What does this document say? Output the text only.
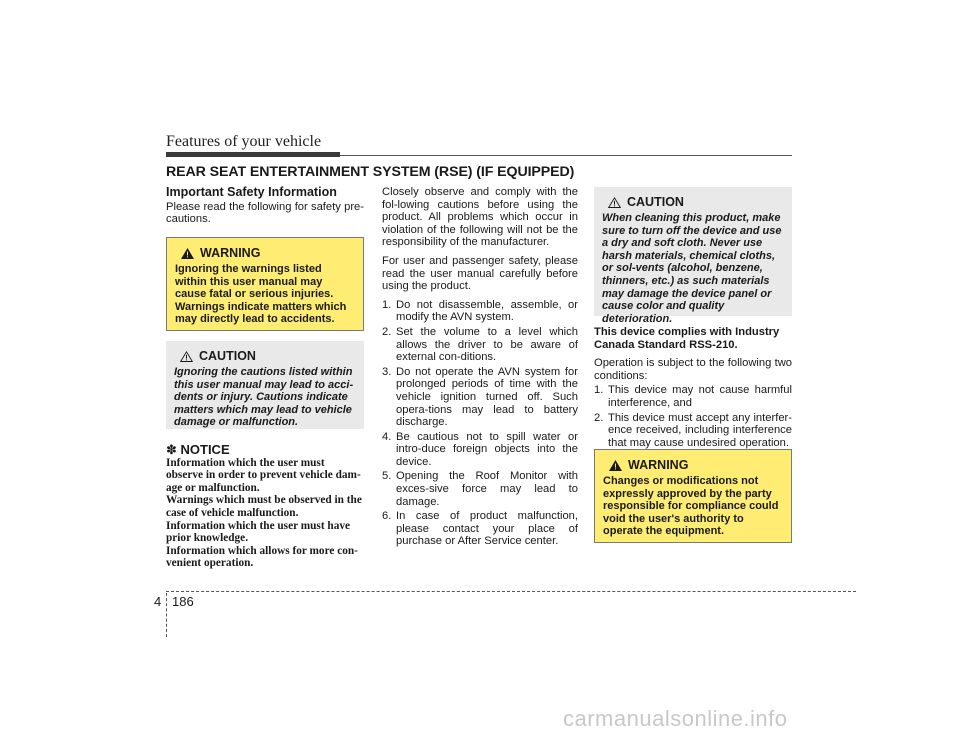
Features of your vehicle
REAR SEAT ENTERTAINMENT SYSTEM (RSE) (IF EQUIPPED)
Important Safety Information

Please read the following for safety pre-cautions.

WARNING
Ignoring the warnings listed within this user manual may cause fatal or serious injuries. Warnings indicate matters which may directly lead to accidents.
CAUTION
Ignoring the cautions listed within this user manual may lead to acci-dents or injury. Cautions indicate matters which may lead to vehicle damage or malfunction.
✽ NOTICE
Information which the user must observe in order to prevent vehicle dam-age or malfunction.
Warnings which must be observed in the case of vehicle malfunction.
Information which the user must have prior knowledge.
Information which allows for more con-venient operation.

Closely observe and comply with the fol-lowing cautions before using the product. All problems which occur in violation of the following will not be the responsibility of the manufacturer.

For user and passenger safety, please read the user manual carefully before using the product.

1. Do not disassemble, assemble, or modify the AVN system.
2. Set the volume to a level which allows the driver to be aware of external con-ditions.
3. Do not operate the AVN system for prolonged periods of time with the vehicle ignition turned off. Such opera-tions may lead to battery discharge.
4. Be cautious not to spill water or intro-duce foreign objects into the device.
5. Opening the Roof Monitor with exces-sive force may lead to damage.
6. In case of product malfunction, please contact your place of purchase or After Service center.
CAUTION
When cleaning this product, make sure to turn off the device and use a dry and soft cloth. Never use harsh materials, chemical cloths, or sol-vents (alcohol, benzene, thinners, etc.) as such materials may damage the device panel or cause color and quality deterioration.

This device complies with Industry Canada Standard RSS-210.

Operation is subject to the following two conditions:

1. This device may not cause harmful interference, and
2. This device must accept any interfer-ence received, including interference that may cause undesired operation.
WARNING
Changes or modifications not expressly approved by the party responsible for compliance could void the user's authority to operate the equipment.
4 186
carmanualsonline.info
